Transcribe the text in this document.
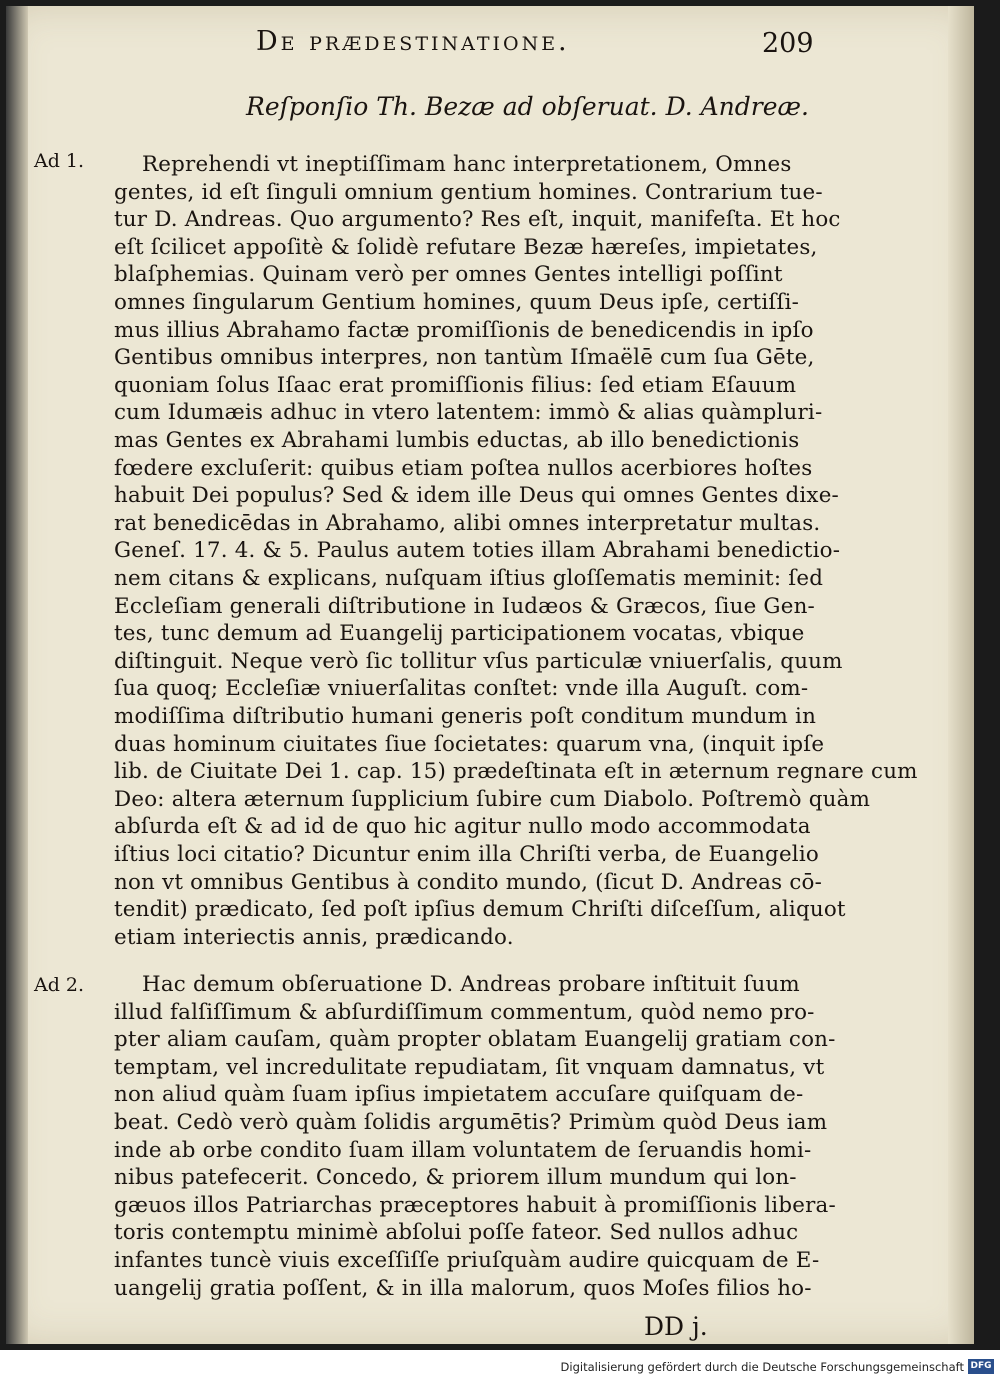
De prædestinatione.	209
Reſponſio Th. Bezæ ad obſeruat. D. Andreæ.
Ad 1.
Ad 2.
Reprehendi vt ineptiſſimam hanc interpretationem, Omnes
gentes, id eſt ſinguli omnium gentium homines. Contrarium tue-
tur D. Andreas. Quo argumento? Res eſt, inquit, manifeſta. Et hoc
eſt ſcilicet appoſitè & ſolidè refutare Bezæ hæreſes, impietates,
blaſphemias. Quinam verò per omnes Gentes intelligi poſſint
omnes ſingularum Gentium homines, quum Deus ipſe, certiſſi-
mus illius Abrahamo factæ promiſſionis de benedicendis in ipſo
Gentibus omnibus interpres, non tantùm Iſmaëlē cum ſua Gēte,
quoniam ſolus Iſaac erat promiſſionis filius: ſed etiam Eſauum
cum Idumæis adhuc in vtero latentem: immò & alias quàmpluri-
mas Gentes ex Abrahami lumbis eductas, ab illo benedictionis
fœdere excluſerit: quibus etiam poſtea nullos acerbiores hoſtes
habuit Dei populus? Sed & idem ille Deus qui omnes Gentes dixe-
rat benedicēdas in Abrahamo, alibi omnes interpretatur multas.
Geneſ. 17. 4. & 5. Paulus autem toties illam Abrahami benedictio-
nem citans & explicans, nuſquam iſtius gloſſematis meminit: ſed
Eccleſiam generali diſtributione in Iudæos & Græcos, ſiue Gen-
tes, tunc demum ad Euangelij participationem vocatas, vbique
diſtinguit. Neque verò ſic tollitur vſus particulæ vniuerſalis, quum
ſua quoq; Eccleſiæ vniuerſalitas conſtet: vnde illa Auguſt. com-
modiſſima diſtributio humani generis poſt conditum mundum in
duas hominum ciuitates ſiue ſocietates: quarum vna, (inquit ipſe
lib. de Ciuitate Dei 1. cap. 15) prædeſtinata eſt in æternum regnare cum
Deo: altera æternum ſupplicium ſubire cum Diabolo. Poſtremò quàm
abſurda eſt & ad id de quo hic agitur nullo modo accommodata
iſtius loci citatio? Dicuntur enim illa Chriſti verba, de Euangelio
non vt omnibus Gentibus à condito mundo, (ſicut D. Andreas cō-
tendit) prædicato, ſed poſt ipſius demum Chriſti diſceſſum, aliquot
etiam interiectis annis, prædicando.
Hac demum obſeruatione D. Andreas probare inſtituit ſuum
illud falſiſſimum & abſurdiſſimum commentum, quòd nemo pro-
pter aliam cauſam, quàm propter oblatam Euangelij gratiam con-
temptam, vel incredulitate repudiatam, ſit vnquam damnatus, vt
non aliud quàm ſuam ipſius impietatem accuſare quiſquam de-
beat. Cedò verò quàm ſolidis argumētis? Primùm quòd Deus iam
inde ab orbe condito ſuam illam voluntatem de ſeruandis homi-
nibus patefecerit. Concedo, & priorem illum mundum qui lon-
gæuos illos Patriarchas præceptores habuit à promiſſionis libera-
toris contemptu minimè abſolui poſſe fateor. Sed nullos adhuc
infantes tuncè viuis exceſſiſſe priuſquàm audire quicquam de E-
uangelij gratia poſſent, & in illa malorum, quos Moſes filios ho-
DD j.
Digitalisierung gefördert durch die Deutsche Forschungsgemeinschaft DFG
